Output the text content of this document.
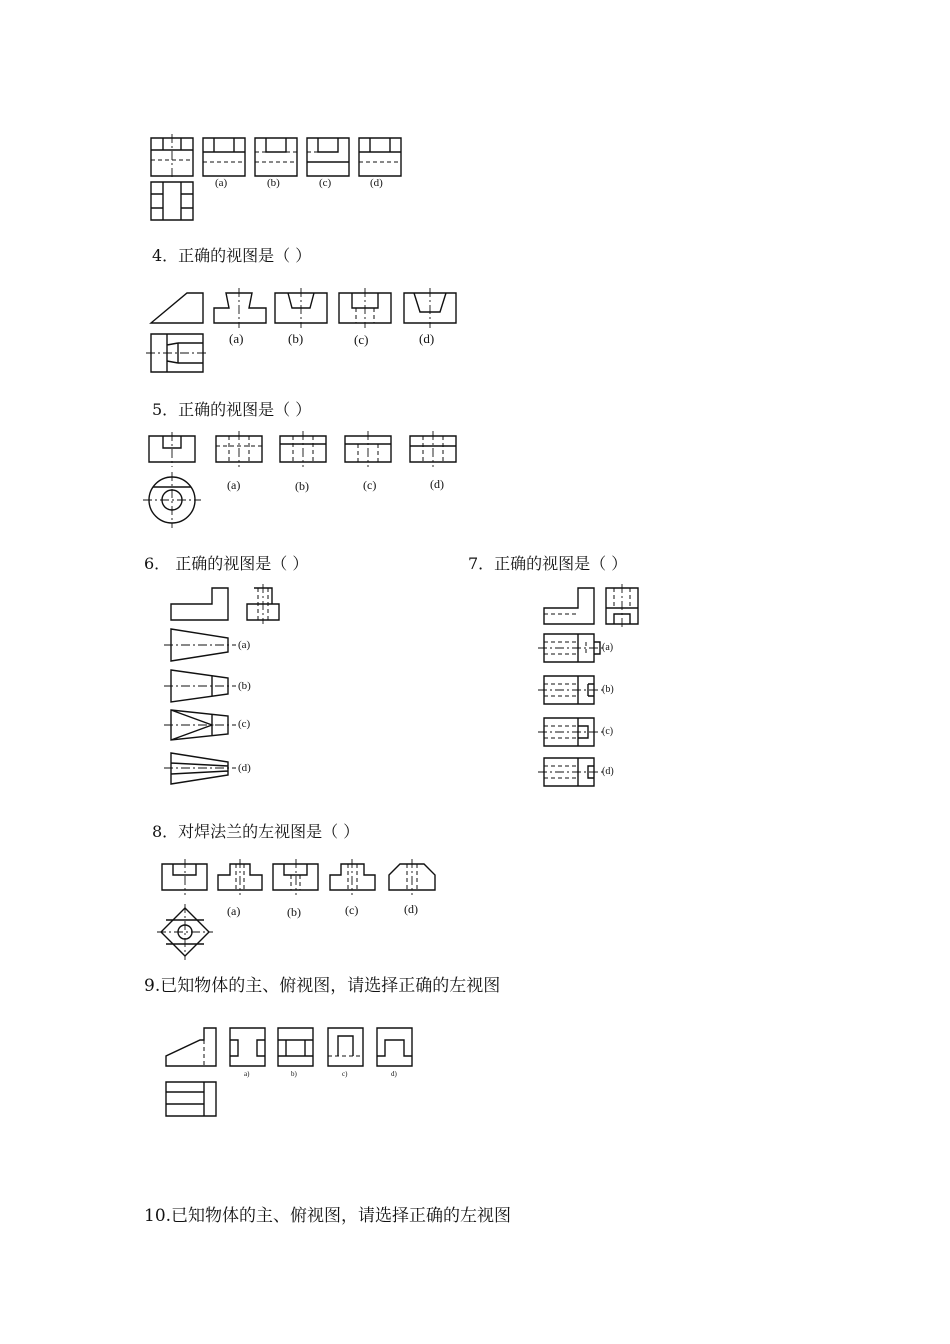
(a)	(b)	(c)	(d)
4．正确的视图是（ ）
(a)	(b)	(c)	(d)
5．正确的视图是（ ）
(a)	(b)	(c)	(d)
6． 正确的视图是（ ）	7．正确的视图是（ ）
(a)
(b)
(c)
(d)
(a)
(b)
(c)
(d)
8．对焊法兰的左视图是（ ）
(a)	(b)	(c)	(d)
9.已知物体的主、俯视图，请选择正确的左视图
a)	b)	c)	d)
10.已知物体的主、俯视图，请选择正确的左视图
